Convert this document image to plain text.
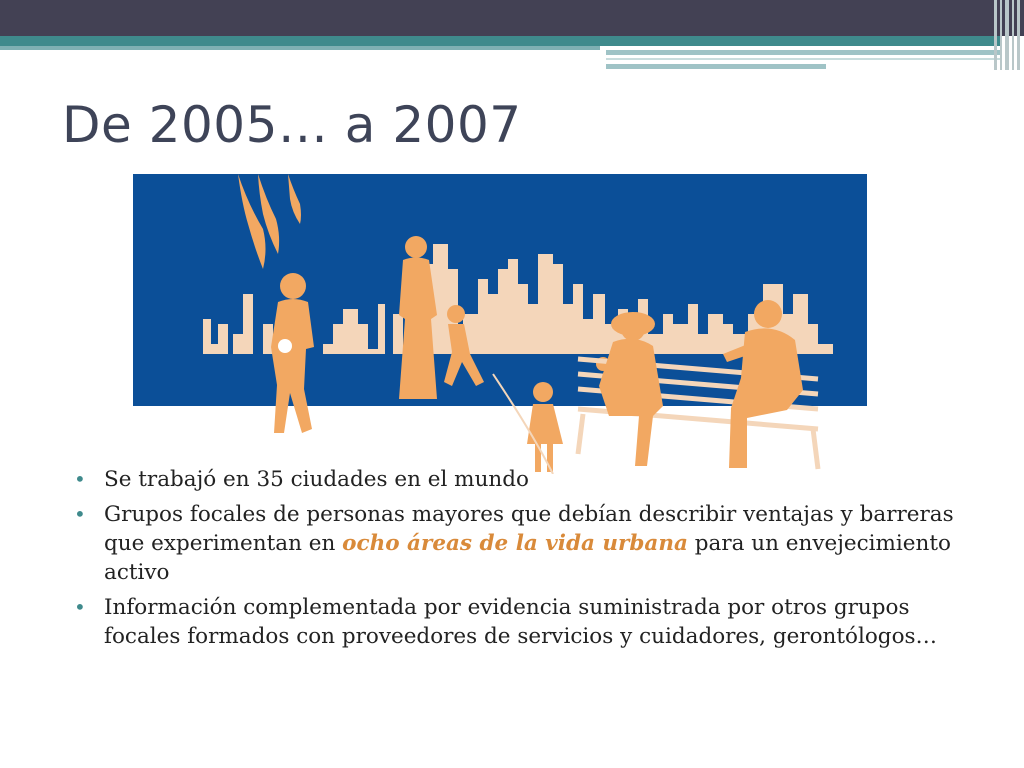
De 2005… a 2007
• Se trabajó en 35 ciudades en el mundo
• Grupos focales de personas mayores que debían describir ventajas y barreras que experimentan en ocho áreas de la vida urbana para un envejecimiento activo
• Información complementada por evidencia suministrada por otros grupos focales formados con proveedores de servicios y cuidadores, gerontólogos…
